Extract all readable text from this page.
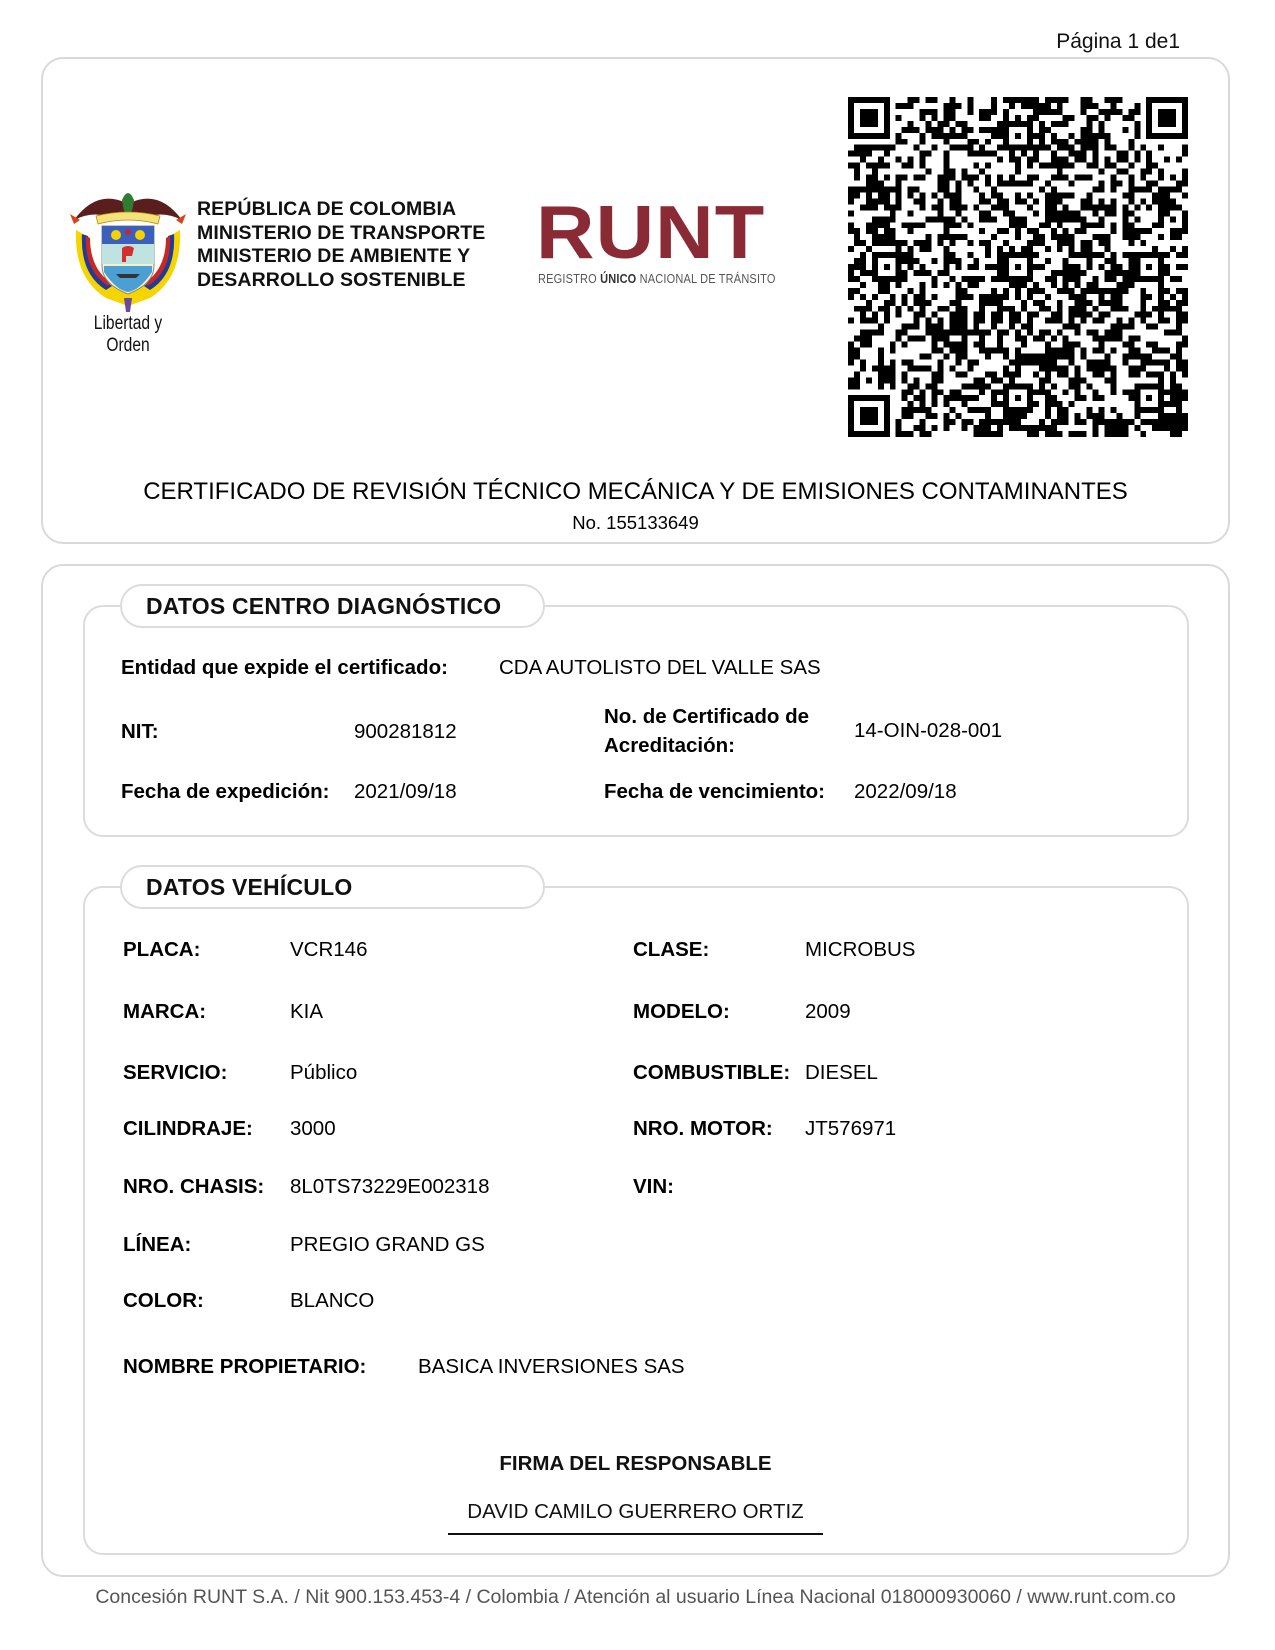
Página 1 de1
Libertad y Orden
REPÚBLICA DE COLOMBIA
MINISTERIO DE TRANSPORTE
MINISTERIO DE AMBIENTE Y
DESARROLLO SOSTENIBLE
RUNT
REGISTRO ÚNICO NACIONAL DE TRÁNSITO
CERTIFICADO DE REVISIÓN TÉCNICO MECÁNICA Y DE EMISIONES CONTAMINANTES
No. 155133649
DATOS CENTRO DIAGNÓSTICO
Entidad que expide el certificado: CDA AUTOLISTO DEL VALLE SAS
NIT:	900281812
No. de Certificado de
Acreditación:
14-OIN-028-001
Fecha de expedición: 2021/09/18	Fecha de vencimiento: 2022/09/18
DATOS VEHÍCULO
PLACA:	VCR146	CLASE:	MICROBUS
MARCA:	KIA	MODELO:	2009
SERVICIO:	Público	COMBUSTIBLE: DIESEL
CILINDRAJE: 3000	NRO. MOTOR: JT576971
NRO. CHASIS: 8L0TS73229E002318	VIN:
LÍNEA:	PREGIO GRAND GS
COLOR:	BLANCO
NOMBRE PROPIETARIO:	BASICA INVERSIONES SAS
FIRMA DEL RESPONSABLE
DAVID CAMILO GUERRERO ORTIZ
Concesión RUNT S.A. / Nit 900.153.453-4 / Colombia / Atención al usuario Línea Nacional 018000930060 / www.runt.com.co
